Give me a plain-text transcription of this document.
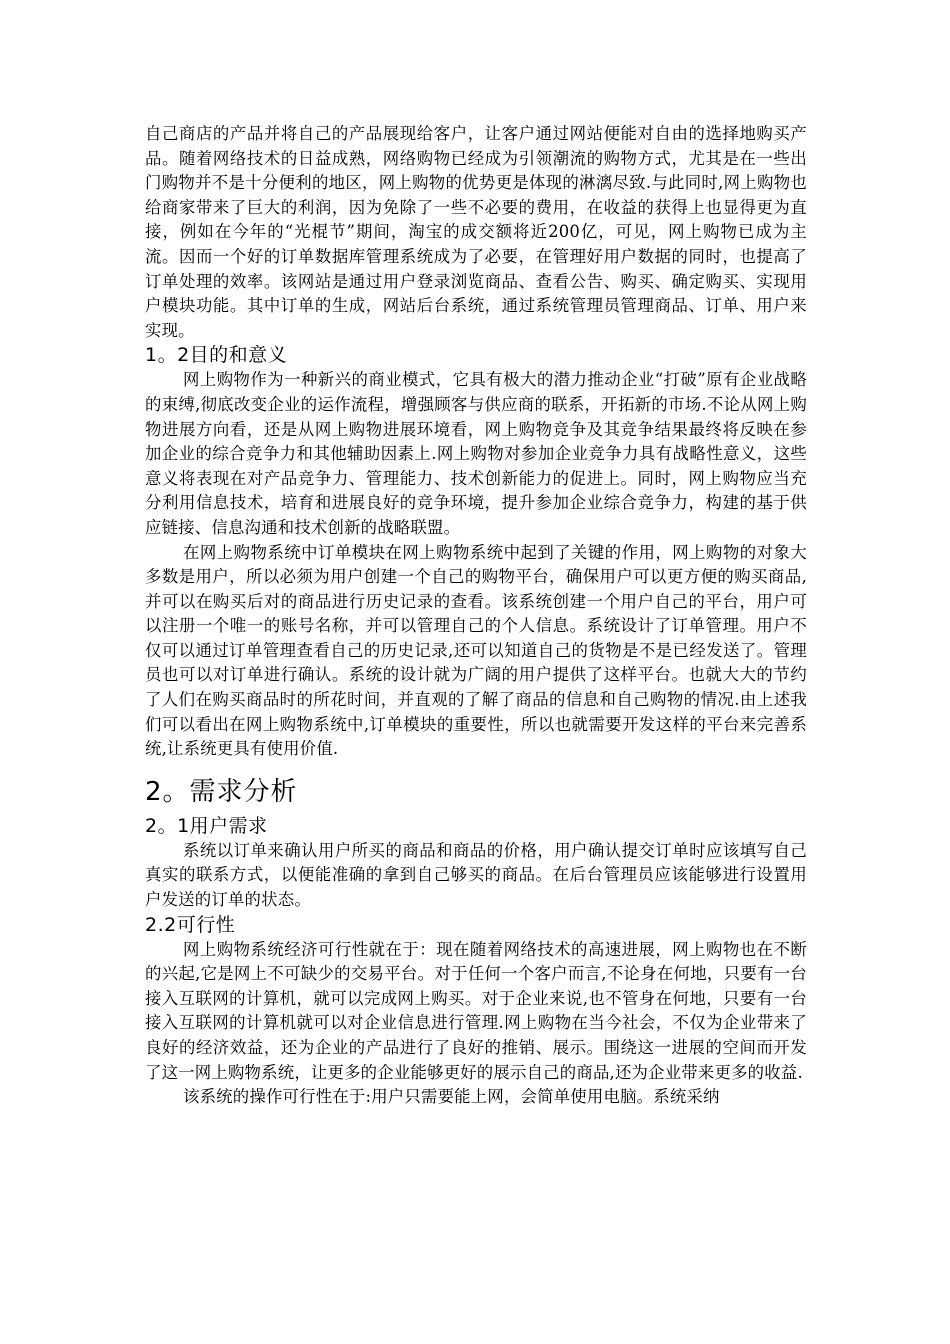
自己商店的产品并将自己的产品展现给客户，让客户通过网站便能对自由的选择地购买产品。随着网络技术的日益成熟，网络购物已经成为引领潮流的购物方式，尤其是在一些出门购物并不是十分便利的地区，网上购物的优势更是体现的淋漓尽致.与此同时,网上购物也给商家带来了巨大的利润，因为免除了一些不必要的费用，在收益的获得上也显得更为直接，例如在今年的“光棍节”期间，淘宝的成交额将近200亿，可见，网上购物已成为主流。因而一个好的订单数据库管理系统成为了必要，在管理好用户数据的同时，也提高了订单处理的效率。该网站是通过用户登录浏览商品、查看公告、购买、确定购买、实现用户模块功能。其中订单的生成，网站后台系统，通过系统管理员管理商品、订单、用户来实现。

1。2目的和意义

网上购物作为一种新兴的商业模式，它具有极大的潜力推动企业“打破”原有企业战略的束缚,彻底改变企业的运作流程，增强顾客与供应商的联系，开拓新的市场.不论从网上购物进展方向看，还是从网上购物进展环境看，网上购物竞争及其竞争结果最终将反映在参加企业的综合竞争力和其他辅助因素上.网上购物对参加企业竞争力具有战略性意义，这些意义将表现在对产品竞争力、管理能力、技术创新能力的促进上。同时，网上购物应当充分利用信息技术，培育和进展良好的竞争环境，提升参加企业综合竞争力，构建的基于供应链接、信息沟通和技术创新的战略联盟。

在网上购物系统中订单模块在网上购物系统中起到了关键的作用，网上购物的对象大多数是用户，所以必须为用户创建一个自己的购物平台，确保用户可以更方便的购买商品,并可以在购买后对的商品进行历史记录的查看。该系统创建一个用户自己的平台，用户可以注册一个唯一的账号名称，并可以管理自己的个人信息。系统设计了订单管理。用户不仅可以通过订单管理查看自己的历史记录,还可以知道自己的货物是不是已经发送了。管理员也可以对订单进行确认。系统的设计就为广阔的用户提供了这样平台。也就大大的节约了人们在购买商品时的所花时间，并直观的了解了商品的信息和自己购物的情况.由上述我们可以看出在网上购物系统中,订单模块的重要性，所以也就需要开发这样的平台来完善系统,让系统更具有使用价值.

2。需求分析
2。1用户需求

系统以订单来确认用户所买的商品和商品的价格，用户确认提交订单时应该填写自己真实的联系方式，以便能准确的拿到自己够买的商品。在后台管理员应该能够进行设置用户发送的订单的状态。

2.2可行性

网上购物系统经济可行性就在于：现在随着网络技术的高速进展，网上购物也在不断的兴起,它是网上不可缺少的交易平台。对于任何一个客户而言,不论身在何地，只要有一台接入互联网的计算机，就可以完成网上购买。对于企业来说,也不管身在何地，只要有一台接入互联网的计算机就可以对企业信息进行管理.网上购物在当今社会，不仅为企业带来了良好的经济效益，还为企业的产品进行了良好的推销、展示。围绕这一进展的空间而开发了这一网上购物系统，让更多的企业能够更好的展示自己的商品,还为企业带来更多的收益.

该系统的操作可行性在于:用户只需要能上网，会简单使用电脑。系统采纳
